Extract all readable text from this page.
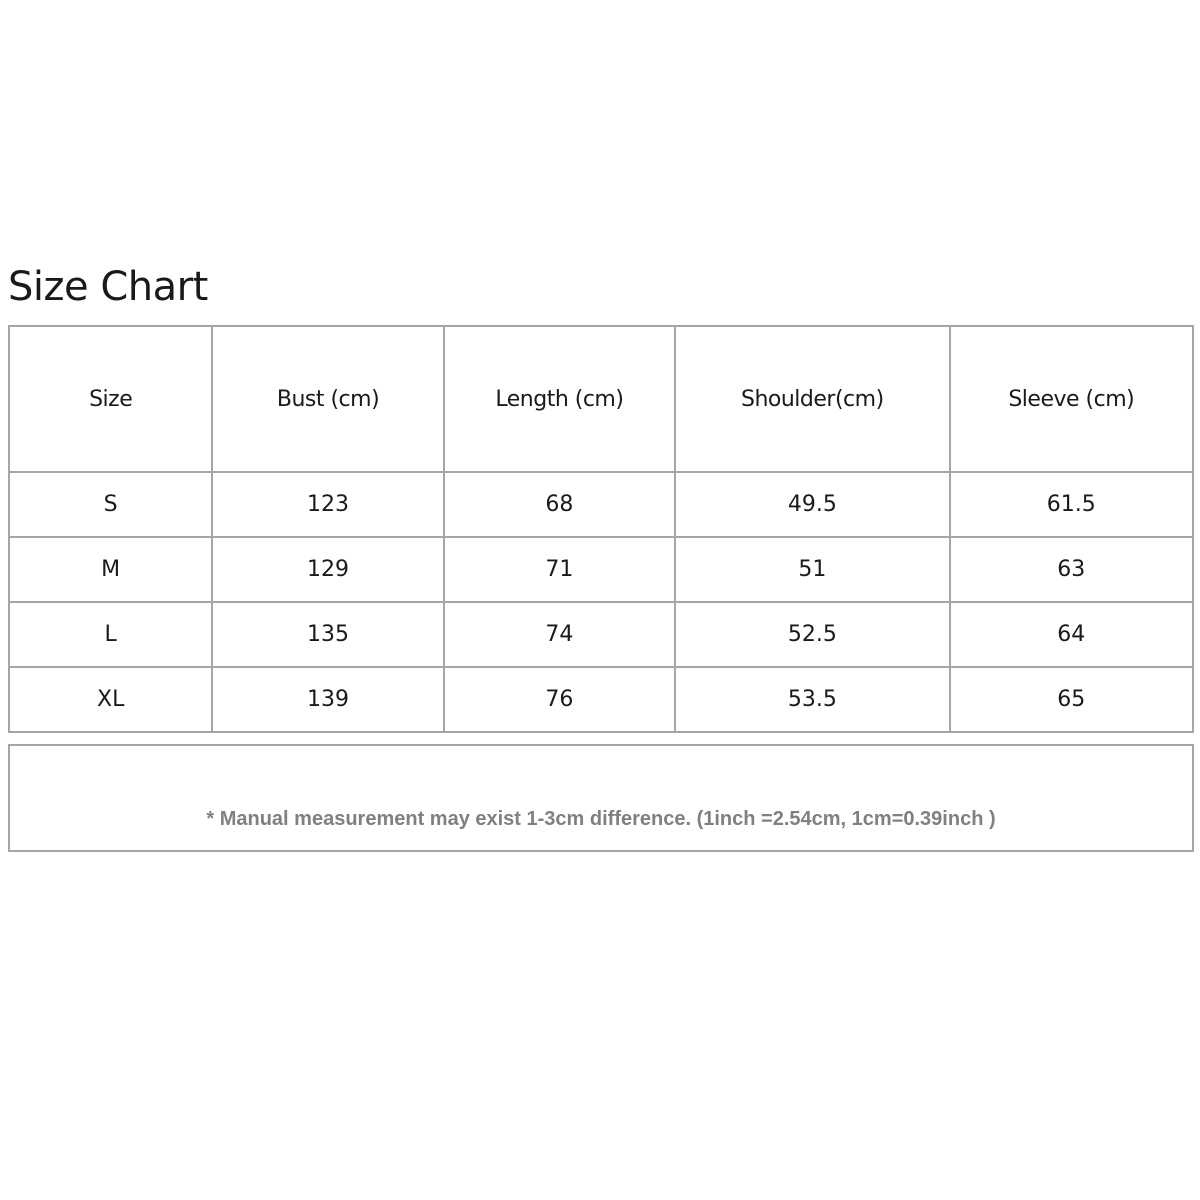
Size Chart
Size	Bust (cm)	Length (cm)	Shoulder(cm)	Sleeve (cm)
S	123	68	49.5	61.5
M	129	71	51	63
L	135	74	52.5	64
XL	139	76	53.5	65
* Manual measurement may exist 1-3cm difference. (1inch =2.54cm, 1cm=0.39inch )
